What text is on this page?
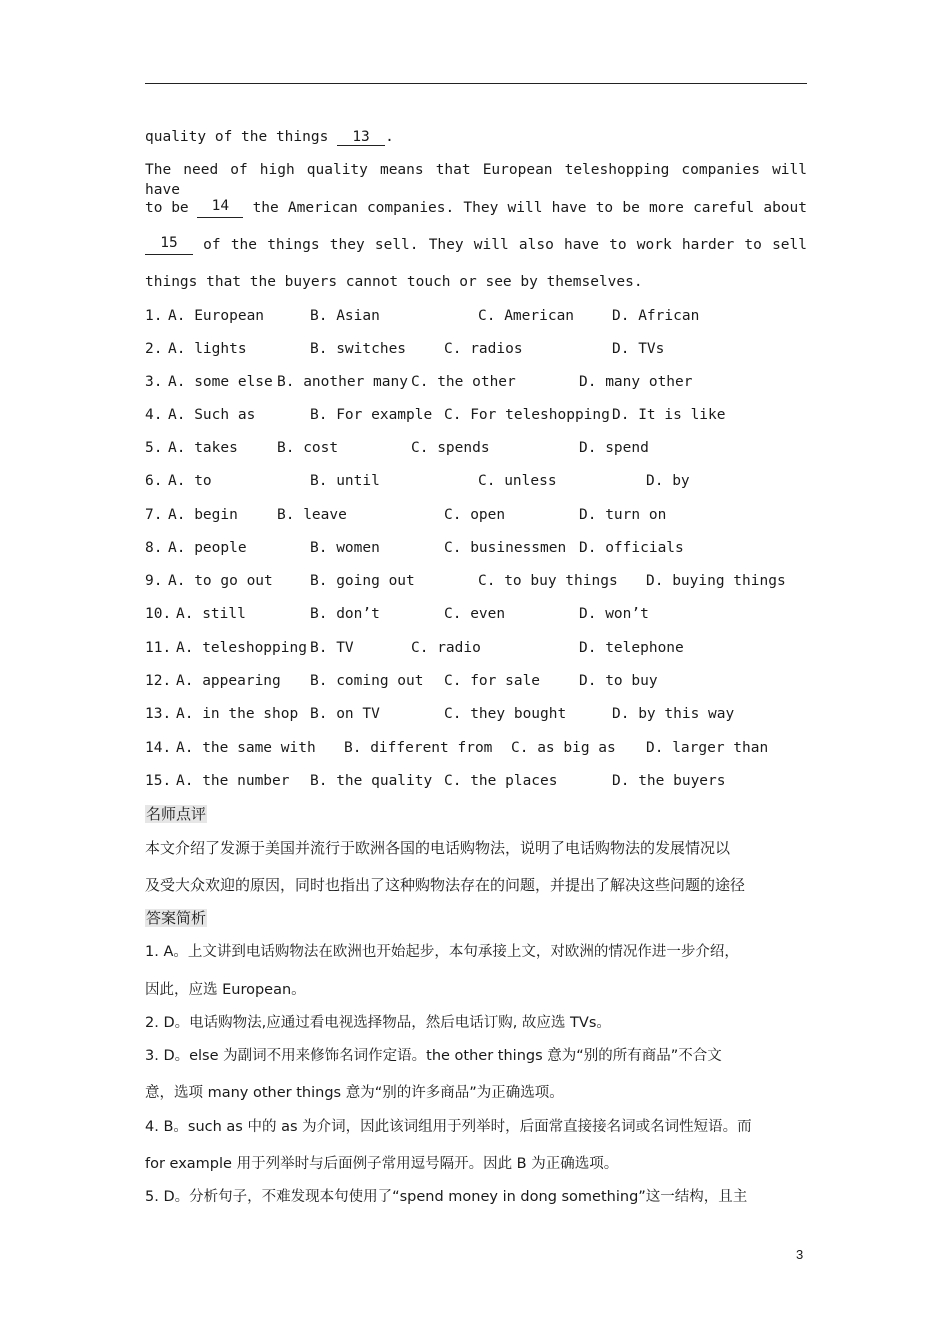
quality of the things 13 .
The need of high quality means that European teleshopping companies will have
to be 14 the American companies. They will have to be more careful about
15	of the things they sell. They will also have to work harder to sell
things that the buyers cannot touch or see by themselves.
1. A. European	B. Asian	C. American	D. African
2. A. lights	B. switches	C. radios	D. TVs
3. A. some else B. another many C. the other	D. many other
4. A. Such as	B. For example C. For teleshopping D. It is like
5. A. takes	B. cost	C. spends	D. spend
6. A. to	B. until	C. unless	D. by
7. A. begin	B. leave	C. open	D. turn on
8. A. people	B. women	C. businessmen D. officials
9. A. to go out	B. going out	C. to buy things D. buying things
10. A. still	B. don’t	C. even	D. won’t
11. A. teleshopping B. TV	C. radio	D. telephone
12. A. appearing B. coming out C. for sale	D. to buy
13. A. in the shop B. on TV	C. they bought	D. by this way
14. A. the same with B. different from C. as big as D. larger than
15. A. the number B. the quality C. the places	D. the buyers
名师点评
本文介绍了发源于美国并流行于欧洲各国的电话购物法，说明了电话购物法的发展情况以
及受大众欢迎的原因，同时也指出了这种购物法存在的问题，并提出了解决这些问题的途径
答案简析
1. A。上文讲到电话购物法在欧洲也开始起步，本句承接上文，对欧洲的情况作进一步介绍，
因此，应选 European。
2. D。电话购物法,应通过看电视选择物品，然后电话订购, 故应选 TVs。
3. D。else 为副词不用来修饰名词作定语。the other things 意为“别的所有商品”不合文
意，选项 many other things 意为“别的许多商品”为正确选项。
4. B。such as 中的 as 为介词，因此该词组用于列举时，后面常直接接名词或名词性短语。而
for example 用于列举时与后面例子常用逗号隔开。因此 B 为正确选项。
5. D。分析句子，不难发现本句使用了“spend money in dong something”这一结构，且主
3
